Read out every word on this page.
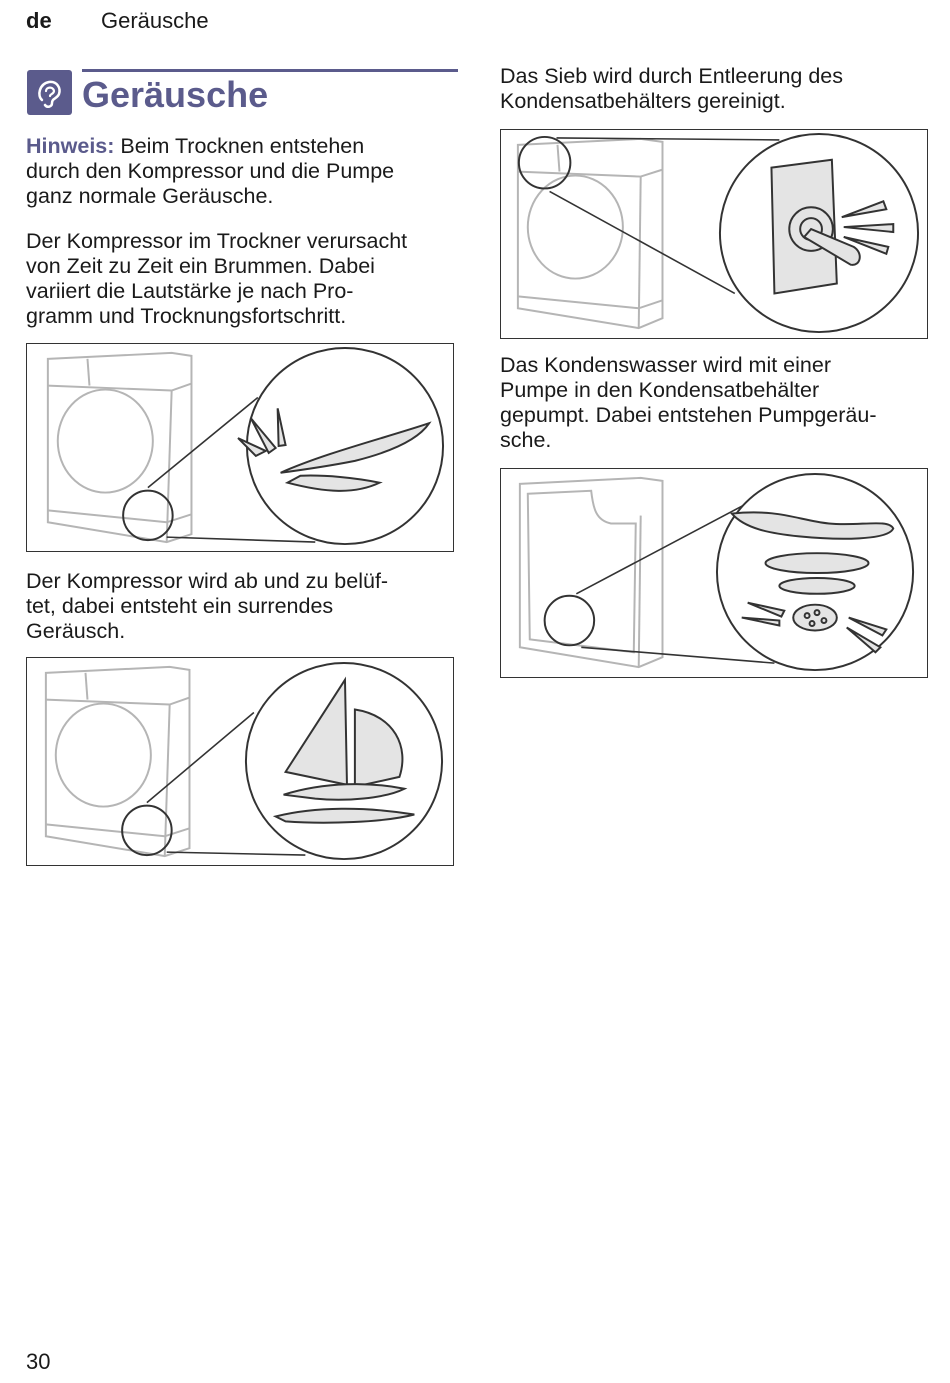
de Geräusche
Geräusche
Hinweis: Beim Trocknen entstehen
durch den Kompressor und die Pumpe
ganz normale Geräusche.
Der Kompressor im Trockner verursacht
von Zeit zu Zeit ein Brummen. Dabei
variiert die Lautstärke je nach Pro-
gramm und Trocknungsfortschritt.
Der Kompressor wird ab und zu belüf-
tet, dabei entsteht ein surrendes
Geräusch.
Das Sieb wird durch Entleerung des
Kondensatbehälters gereinigt.
Das Kondenswasser wird mit einer
Pumpe in den Kondensatbehälter
gepumpt. Dabei entstehen Pumpgeräu-
sche.
30
